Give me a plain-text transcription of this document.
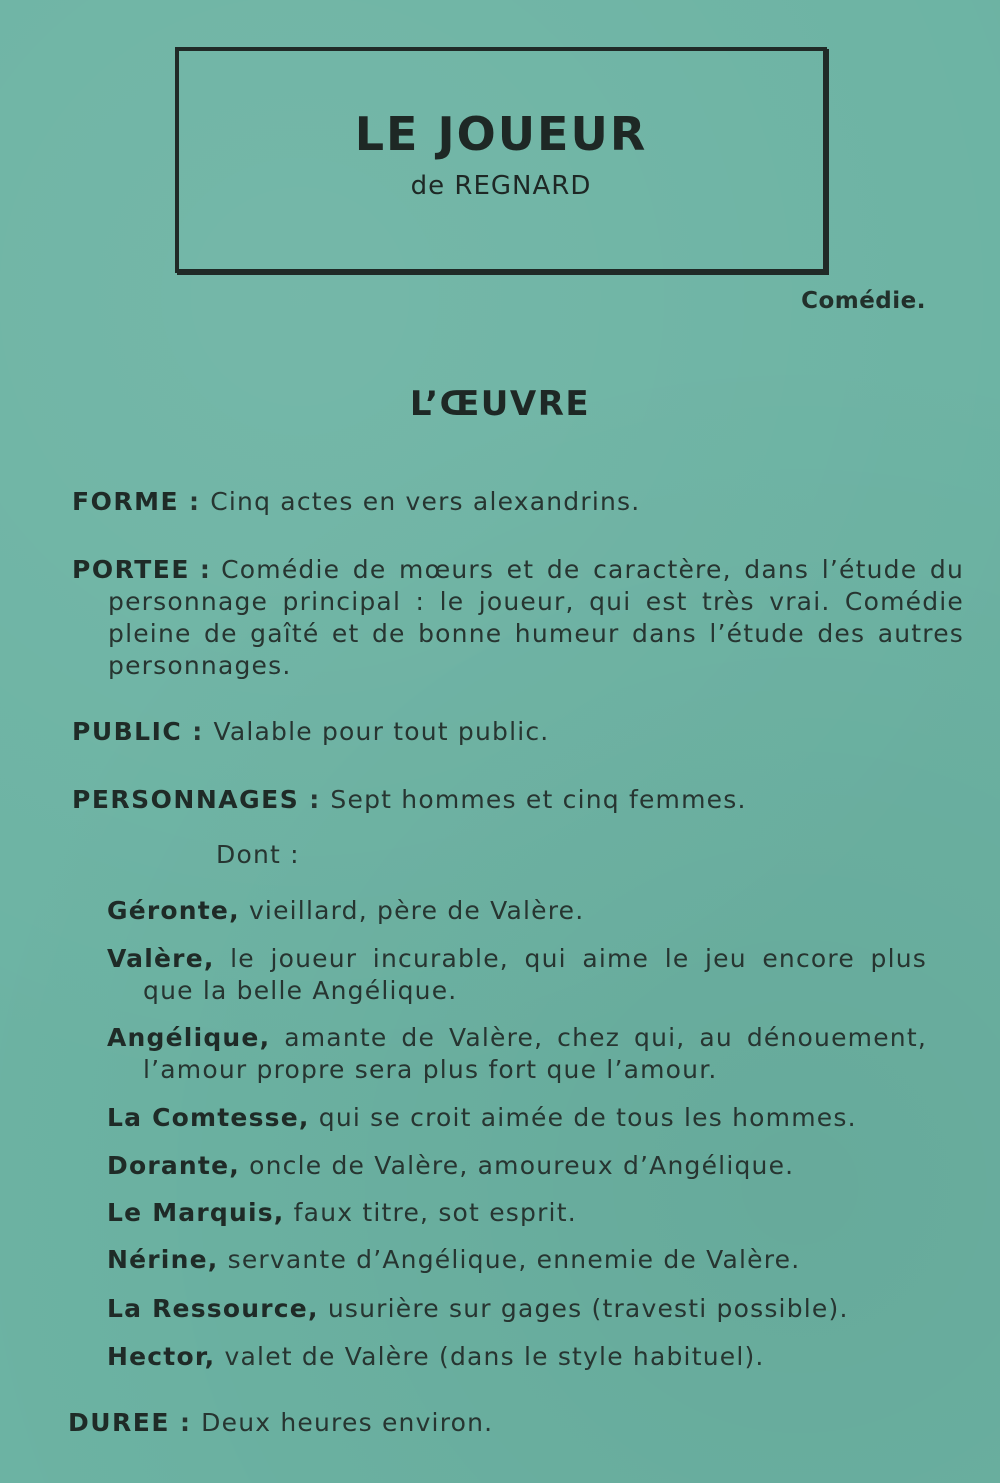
LE JOUEUR
de REGNARD
Comédie.
L’ŒUVRE
FORME : Cinq actes en vers alexandrins.
PORTEE : Comédie de mœurs et de caractère, dans l’étude du personnage principal : le joueur, qui est très vrai. Comédie pleine de gaîté et de bonne humeur dans l’étude des autres personnages.
PUBLIC : Valable pour tout public.
PERSONNAGES : Sept hommes et cinq femmes.
Dont :
Géronte, vieillard, père de Valère.
Valère, le joueur incurable, qui aime le jeu encore plus que la belle Angélique.
Angélique, amante de Valère, chez qui, au dénouement, l’amour propre sera plus fort que l’amour.
La Comtesse, qui se croit aimée de tous les hommes.
Dorante, oncle de Valère, amoureux d’Angélique.
Le Marquis, faux titre, sot esprit.
Nérine, servante d’Angélique, ennemie de Valère.
La Ressource, usurière sur gages (travesti possible).
Hector, valet de Valère (dans le style habituel).
DUREE : Deux heures environ.
